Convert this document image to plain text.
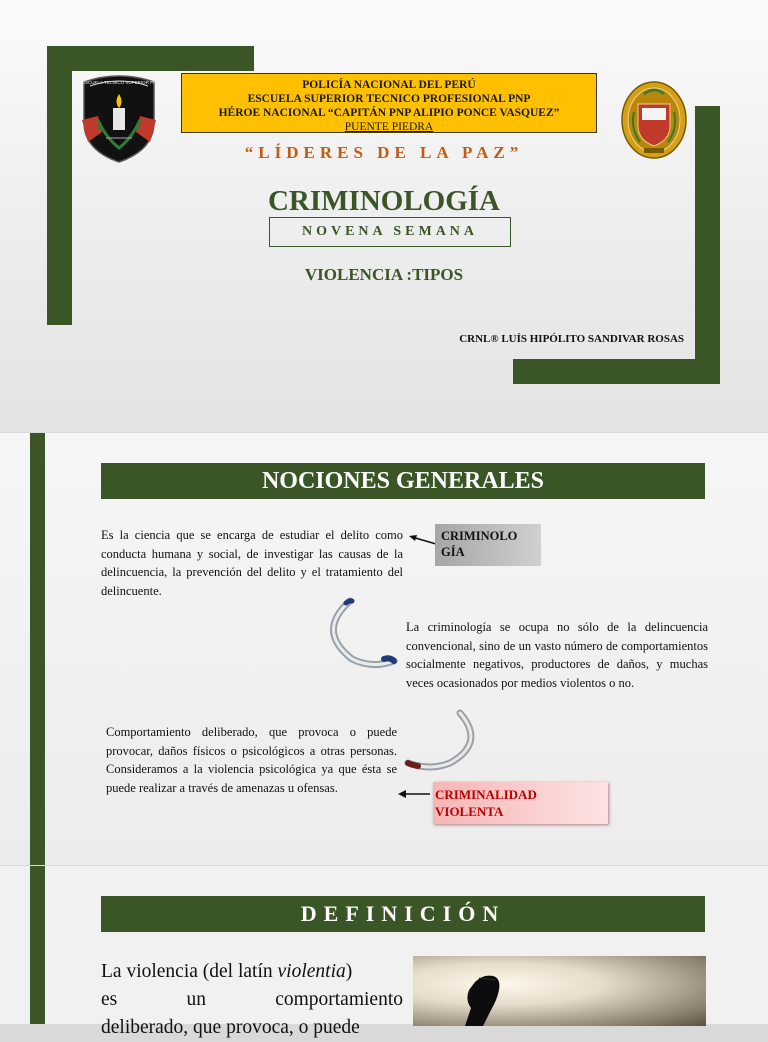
ESCUELA TECNICO SUPERIOR PNP	POLICÍA NACIONAL DEL PERÚ
ESCUELA SUPERIOR TECNICO PROFESIONAL PNP
HÉROE NACIONAL “CAPITÁN PNP ALIPIO PONCE VASQUEZ”
PUENTE PIEDRA
“LÍDERES DE LA PAZ”
CRIMINOLOGÍA
NOVENA SEMANA
VIOLENCIA :TIPOS
CRNL® LUÍS HIPÓLITO SANDIVAR ROSAS
NOCIONES GENERALES
Es la ciencia que se encarga de estudiar el delito como conducta humana y social, de investigar las causas de la delincuencia, la prevención del delito y el tratamiento del delincuente.
CRIMINOLO GÍA
La criminología se ocupa no sólo de la delincuencia convencional, sino de un vasto número de comportamientos socialmente negativos, productores de daños, y muchas veces ocasionados por medios violentos o no.
Comportamiento deliberado, que provoca o puede provocar, daños físicos o psicológicos a otras personas. Consideramos a la violencia psicológica ya que ésta se puede realizar a través de amenazas u ofensas.	CRIMINALIDAD VIOLENTA
DEFINICIÓN
La violencia (del latín violentia)
es	un	comportamiento
deliberado, que provoca, o puede
